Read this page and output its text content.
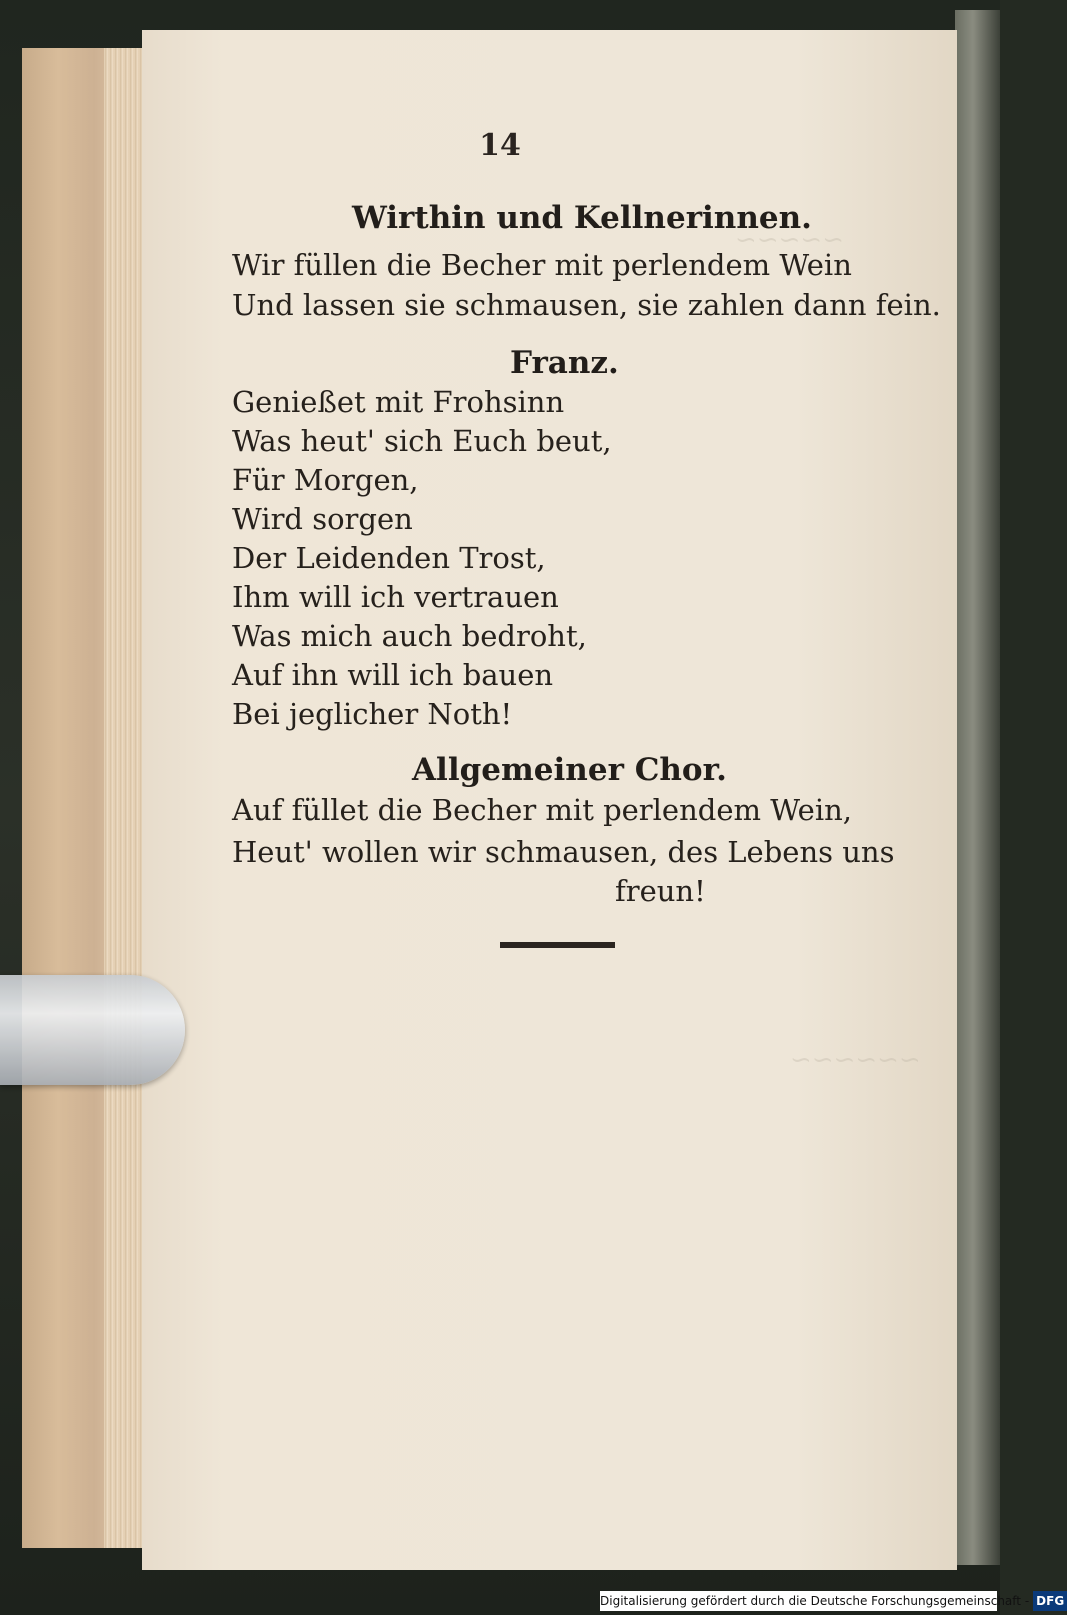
~~~~~
~~~~~~
14
Wirthin und Kellnerinnen.
Wir füllen die Becher mit perlendem Wein
Und lassen sie schmausen, sie zahlen dann fein.
Franz.
Genießet mit Frohsinn
Was heut' sich Euch beut,
Für Morgen,
Wird sorgen
Der Leidenden Trost,
Ihm will ich vertrauen
Was mich auch bedroht,
Auf ihn will ich bauen
Bei jeglicher Noth!
Allgemeiner Chor.
Auf füllet die Becher mit perlendem Wein,
Heut' wollen wir schmausen, des Lebens uns
freun!
Digitalisierung gefördert durch die Deutsche Forschungsgemeinschaft - DFG
